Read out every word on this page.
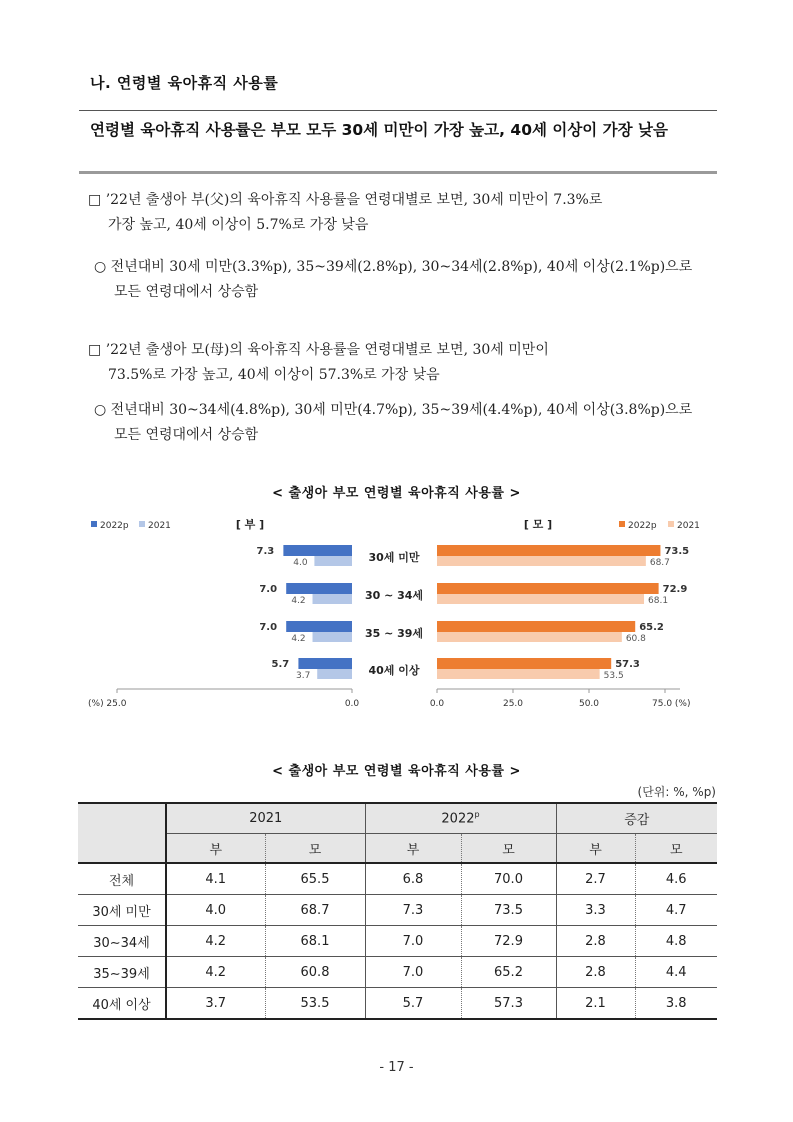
나. 연령별 육아휴직 사용률
연령별 육아휴직 사용률은 부모 모두 30세 미만이 가장 높고, 40세 이상이 가장 낮음
□ ’22년 출생아 부(父)의 육아휴직 사용률을 연령대별로 보면, 30세 미만이 7.3%로
가장 높고, 40세 이상이 5.7%로 가장 낮음
○ 전년대비 30세 미만(3.3%p), 35~39세(2.8%p), 30~34세(2.8%p), 40세 이상(2.1%p)으로
모든 연령대에서 상승함
□ ’22년 출생아 모(母)의 육아휴직 사용률을 연령대별로 보면, 30세 미만이
73.5%로 가장 높고, 40세 이상이 57.3%로 가장 낮음
○ 전년대비 30~34세(4.8%p), 30세 미만(4.7%p), 35~39세(4.4%p), 40세 이상(3.8%p)으로
모든 연령대에서 상승함
< 출생아 부모 연령별 육아휴직 사용률 >
2022p 2021	2022p 2021
[ 부 ]	[ 모 ]
(%) 25.0	0.0	0.0	25.0	50.0	75.0 (%)
7.3
4.0	30세 미만	73.5
68.7
7.0
4.2	30 ~ 34세	72.9
68.1
7.0
4.2	35 ~ 39세	65.2
60.8
5.7
3.7	40세 이상	57.3
53.5
< 출생아 부모 연령별 육아휴직 사용률 >
(단위: %, %p)
	2021		2022$^p$		증감	
	부	모	부	모	부	모
전체	4.1	65.5	6.8	70.0	2.7	4.6
30세 미만	4.0	68.7	7.3	73.5	3.3	4.7
30∼34세	4.2	68.1	7.0	72.9	2.8	4.8
35∼39세	4.2	60.8	7.0	65.2	2.8	4.4
40세 이상	3.7	53.5	5.7	57.3	2.1	3.8
- 17 -
